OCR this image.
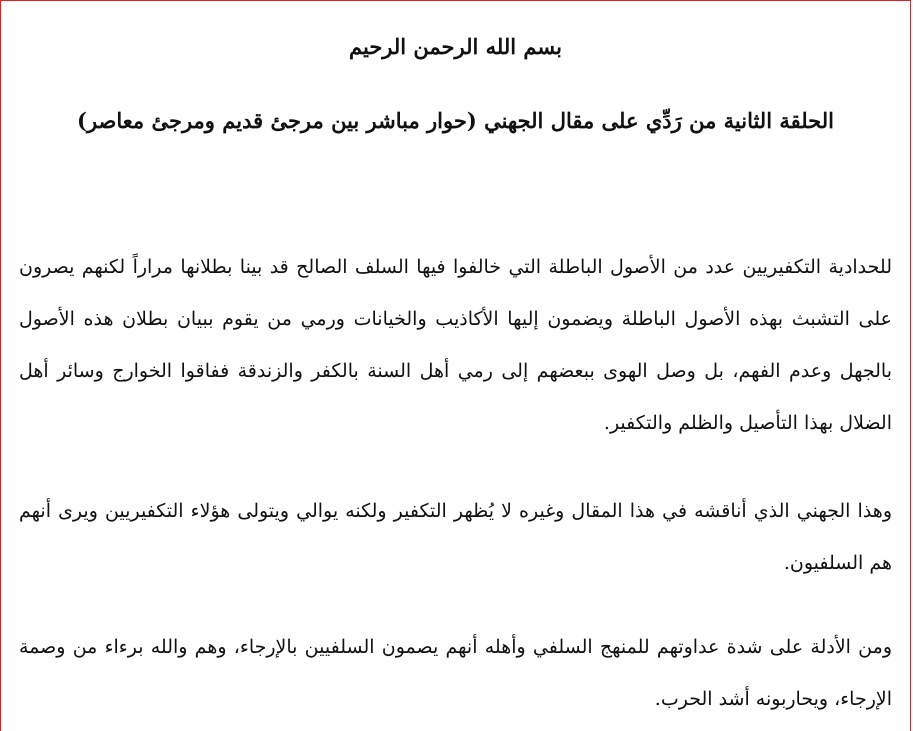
بسم الله الرحمن الرحيم
الحلقة الثانية من رَدِّي على مقال الجهني (حوار مباشر بين مرجئ قديم ومرجئ معاصر)

للحدادية التكفيريين عدد من الأصول الباطلة التي خالفوا فيها السلف الصالح قد بينا بطلانها مراراً لكنهم يصرون على التشبث بهذه الأصول الباطلة ويضمون إليها الأكاذيب والخيانات ورمي من يقوم ببيان بطلان هذه الأصول بالجهل وعدم الفهم، بل وصل الهوى ببعضهم إلى رمي أهل السنة بالكفر والزندقة ففاقوا الخوارج وسائر أهل الضلال بهذا التأصيل والظلم والتكفير.

وهذا الجهني الذي أناقشه في هذا المقال وغيره لا يُظهر التكفير ولكنه يوالي ويتولى هؤلاء التكفيريين ويرى أنهم هم السلفيون.

ومن الأدلة على شدة عداوتهم للمنهج السلفي وأهله أنهم يصمون السلفيين بالإرجاء، وهم والله برءاء من وصمة الإرجاء، ويحاربونه أشد الحرب.
